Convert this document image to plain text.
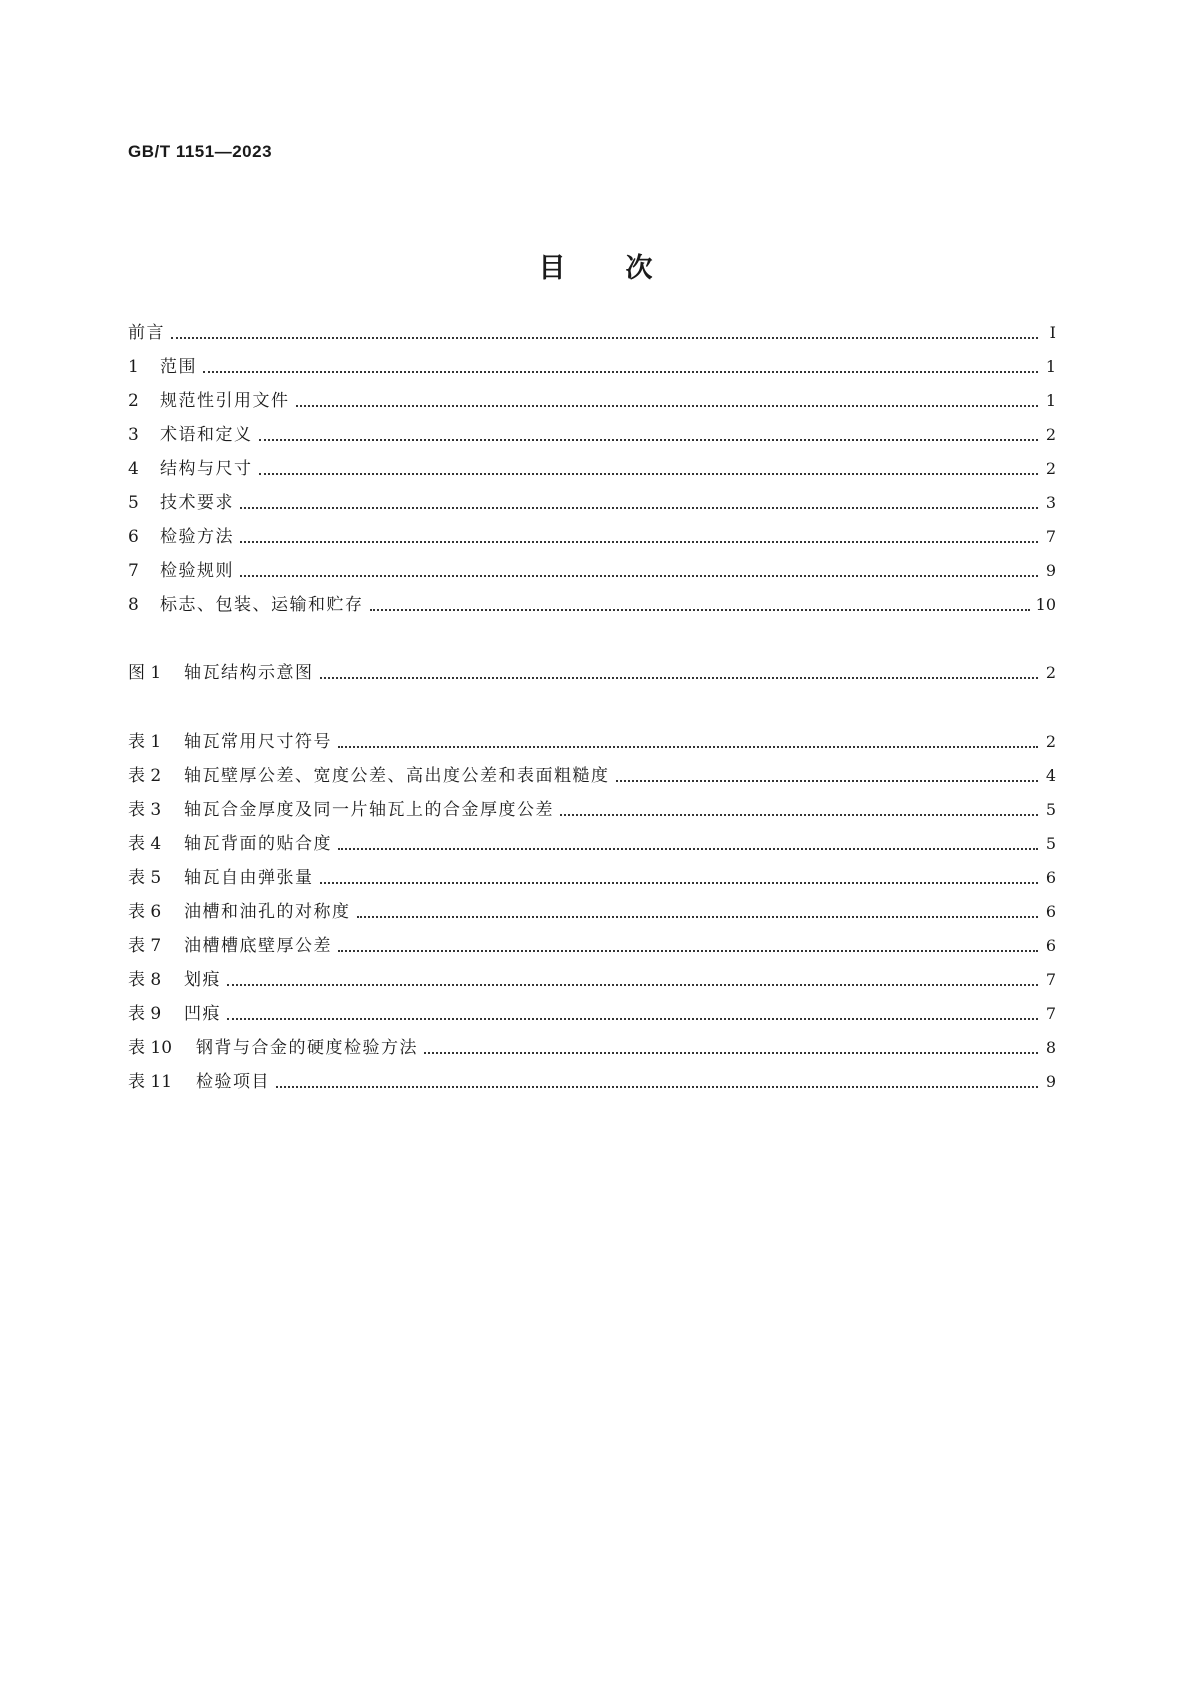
GB/T 1151—2023
目次
前言	Ⅰ
1	范围	1
2	规范性引用文件	1
3	术语和定义	2
4	结构与尺寸	2
5	技术要求	3
6	检验方法	7
7	检验规则	9
8	标志、包装、运输和贮存	10
图 1	轴瓦结构示意图	2
表 1	轴瓦常用尺寸符号	2
表 2	轴瓦壁厚公差、宽度公差、高出度公差和表面粗糙度	4
表 3	轴瓦合金厚度及同一片轴瓦上的合金厚度公差	5
表 4	轴瓦背面的贴合度	5
表 5	轴瓦自由弹张量	6
表 6	油槽和油孔的对称度	6
表 7	油槽槽底壁厚公差	6
表 8	划痕	7
表 9	凹痕	7
表 10	钢背与合金的硬度检验方法	8
表 11	检验项目	9
